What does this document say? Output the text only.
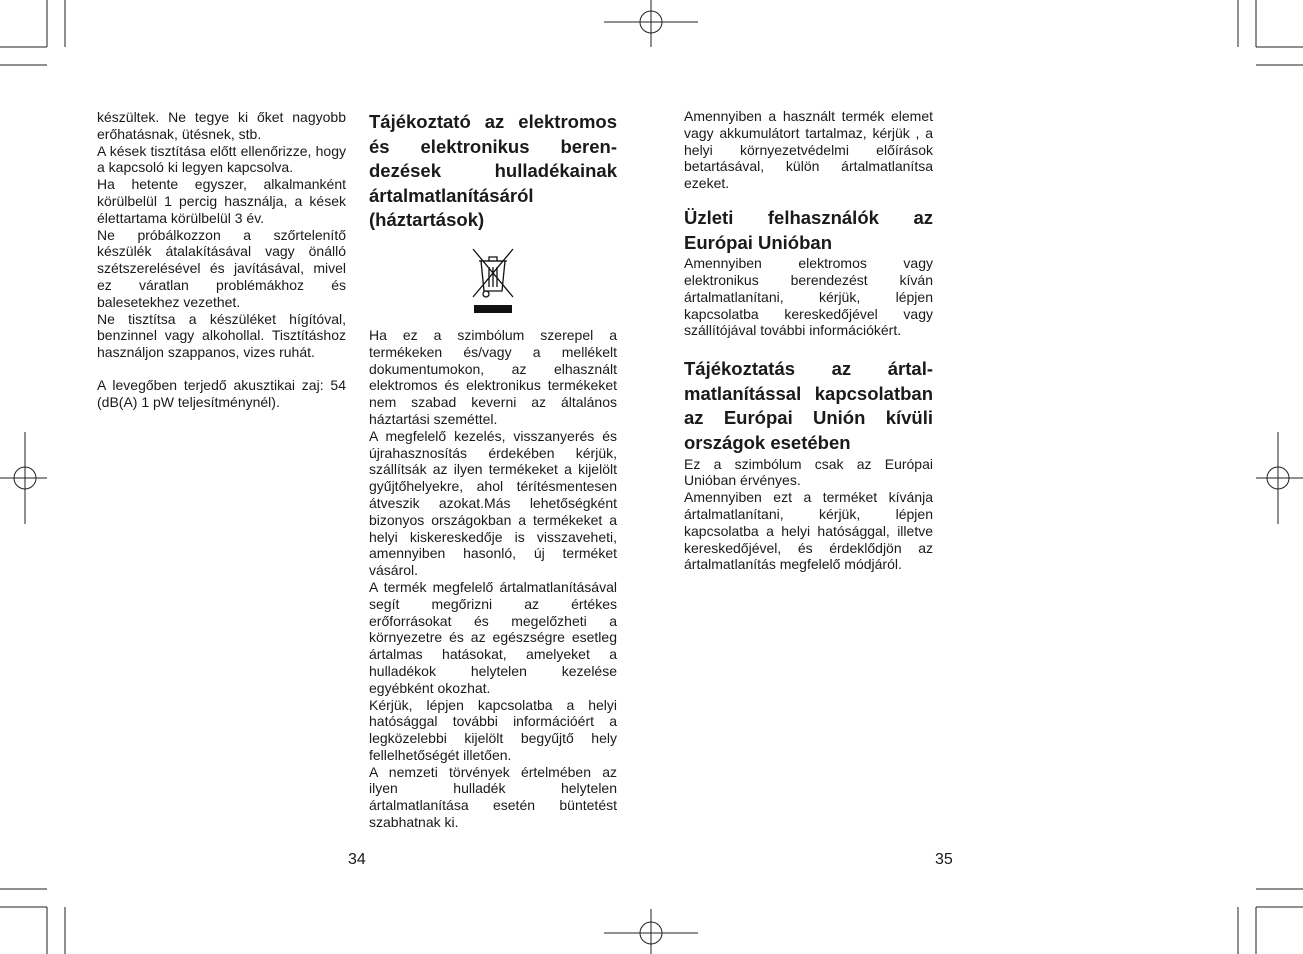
készültek. Ne tegye ki őket nagyobb erőhatásnak, ütésnek, stb.

A kések tisztítása előtt ellenőrizze, hogy a kapcsoló ki legyen kapcsolva.

Ha hetente egyszer, alkalmanként körülbelül 1 percig használja, a kések élettartama körülbelül 3 év.

Ne próbálkozzon a szőrtelenítő készülék átalakításával vagy önálló szétszerelésével és javításával, mivel ez váratlan problémákhoz és balesetekhez vezethet.

Ne tisztítsa a készüléket hígítóval, benzinnel vagy alkohollal. Tisztításhoz használjon szappanos, vizes ruhát.

A levegőben terjedő akusztikai zaj: 54 (dB(A) 1 pW teljesítménynél).

Tájékoztató az elektromos és elektronikus beren-dezések hulladékainak ártalmatlanításáról (háztartások)

Ha ez a szimbólum szerepel a termékeken és/vagy a mellékelt dokumentumokon, az elhasznált elektromos és elektronikus termékeket nem szabad keverni az általános háztartási szeméttel.

A megfelelő kezelés, visszanyerés és újrahasznosítás érdekében kérjük, szállítsák az ilyen termékeket a kijelölt gyűjtőhelyekre, ahol térítésmentesen átveszik azokat.Más lehetőségként bizonyos országokban a termékeket a helyi kiskereskedője is visszaveheti, amennyiben hasonló, új terméket vásárol.

A termék megfelelő ártalmatlanításával segít megőrizni az értékes erőforrásokat és megelőzheti a környezetre és az egészségre esetleg ártalmas hatásokat, amelyeket a hulladékok helytelen kezelése egyébként okozhat.

Kérjük, lépjen kapcsolatba a helyi hatósággal további információért a legközelebbi kijelölt begyűjtő hely fellelhetőségét illetően.

A nemzeti törvények értelmében az ilyen hulladék helytelen ártalmatlanítása esetén büntetést szabhatnak ki.

Amennyiben a használt termék elemet vagy akkumulátort tartalmaz, kérjük , a helyi környezetvédelmi előírások betartásával, külön ártalmatlanítsa ezeket.

Üzleti felhasználók az Európai Unióban

Amennyiben elektromos vagy elektronikus berendezést kíván ártalmatlanítani, kérjük, lépjen kapcsolatba kereskedőjével vagy szállítójával további információkért.

Tájékoztatás az ártal-matlanítással kapcsolatban az Európai Unión kívüli országok esetében

Ez a szimbólum csak az Európai Unióban érvényes.

Amennyiben ezt a terméket kívánja ártalmatlanítani, kérjük, lépjen kapcsolatba a helyi hatósággal, illetve kereskedőjével, és érdeklődjön az ártalmatlanítás megfelelő módjáról.

34	35
